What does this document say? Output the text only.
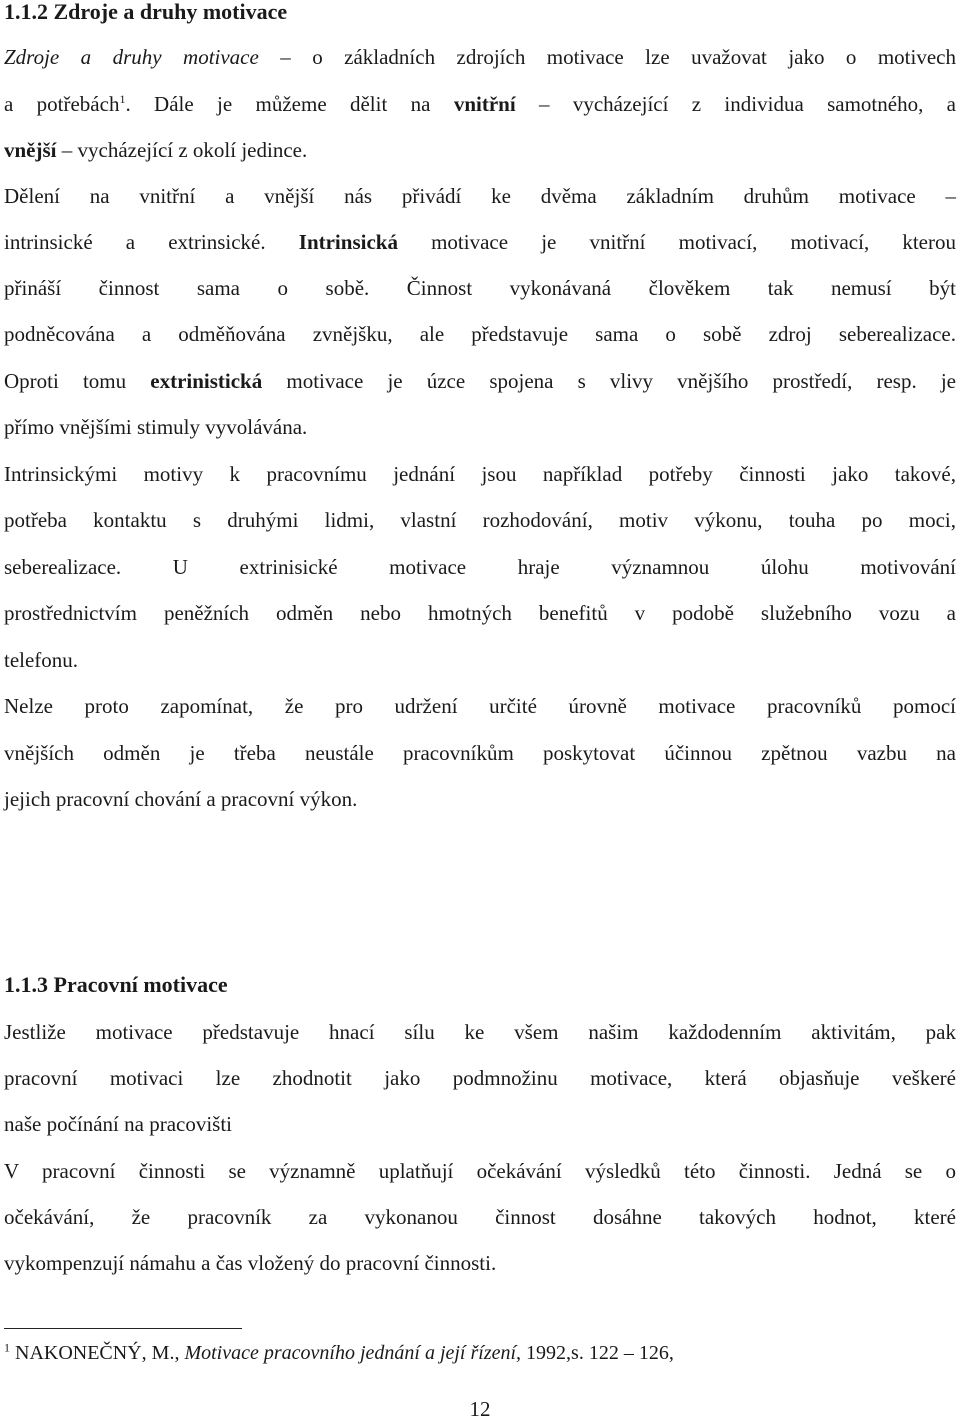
1.1.2 Zdroje a druhy motivace
Zdroje a druhy motivace – o základních zdrojích motivace lze uvažovat jako o motivech
a potřebách$^1$. Dále je můžeme dělit na vnitřní – vycházející z individua samotného, a
vnější – vycházející z okolí jedince.
Dělení na vnitřní a vnější nás přivádí ke dvěma základním druhům motivace –
intrinsické a extrinsické. Intrinsická motivace je vnitřní motivací, motivací, kterou
přináší činnost sama o sobě. Činnost vykonávaná člověkem tak nemusí být
podněcována a odměňována zvnějšku, ale představuje sama o sobě zdroj seberealizace.
Oproti tomu extrinistická motivace je úzce spojena s vlivy vnějšího prostředí, resp. je
přímo vnějšími stimuly vyvolávána.
Intrinsickými motivy k pracovnímu jednání jsou například potřeby činnosti jako takové,
potřeba kontaktu s druhými lidmi, vlastní rozhodování, motiv výkonu, touha po moci,
seberealizace. U extrinisické motivace hraje významnou úlohu motivování
prostřednictvím peněžních odměn nebo hmotných benefitů v podobě služebního vozu a
telefonu.
Nelze proto zapomínat, že pro udržení určité úrovně motivace pracovníků pomocí
vnějších odměn je třeba neustále pracovníkům poskytovat účinnou zpětnou vazbu na
jejich pracovní chování a pracovní výkon.
1.1.3 Pracovní motivace
Jestliže motivace představuje hnací sílu ke všem našim každodenním aktivitám, pak
pracovní motivaci lze zhodnotit jako podmnožinu motivace, která objasňuje veškeré
naše počínání na pracovišti
V pracovní činnosti se významně uplatňují očekávání výsledků této činnosti. Jedná se o
očekávání, že pracovník za vykonanou činnost dosáhne takových hodnot, které
vykompenzují námahu a čas vložený do pracovní činnosti.
$^1$ NAKONEČNÝ, M., Motivace pracovního jednání a její řízení, 1992,s. 122 – 126,
12
